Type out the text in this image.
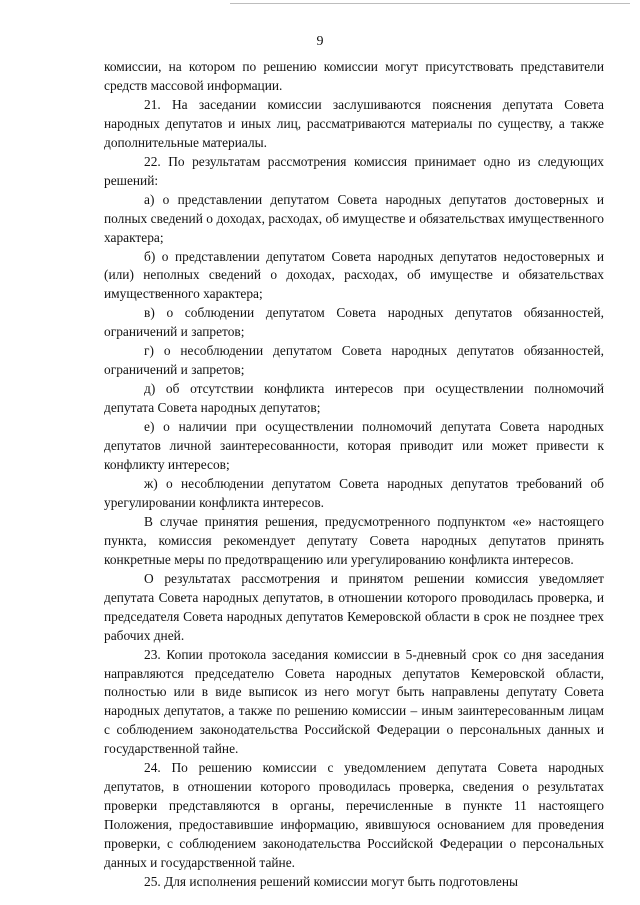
9

комиссии, на котором по решению комиссии могут присутствовать представители средств массовой информации.

21. На заседании комиссии заслушиваются пояснения депутата Совета народных депутатов и иных лиц, рассматриваются материалы по существу, а также дополнительные материалы.

22. По результатам рассмотрения комиссия принимает одно из следующих решений:

а) о представлении депутатом Совета народных депутатов достоверных и полных сведений о доходах, расходах, об имуществе и обязательствах имущественного характера;

б) о представлении депутатом Совета народных депутатов недостоверных и (или) неполных сведений о доходах, расходах, об имуществе и обязательствах имущественного характера;

в) о соблюдении депутатом Совета народных депутатов обязанностей, ограничений и запретов;

г) о несоблюдении депутатом Совета народных депутатов обязанностей, ограничений и запретов;

д) об отсутствии конфликта интересов при осуществлении полномочий депутата Совета народных депутатов;

е) о наличии при осуществлении полномочий депутата Совета народных депутатов личной заинтересованности, которая приводит или может привести к конфликту интересов;

ж) о несоблюдении депутатом Совета народных депутатов требований об урегулировании конфликта интересов.

В случае принятия решения, предусмотренного подпунктом «е» настоящего пункта, комиссия рекомендует депутату Совета народных депутатов принять конкретные меры по предотвращению или урегулированию конфликта интересов.

О результатах рассмотрения и принятом решении комиссия уведомляет депутата Совета народных депутатов, в отношении которого проводилась проверка, и председателя Совета народных депутатов Кемеровской области в срок не позднее трех рабочих дней.

23. Копии протокола заседания комиссии в 5-дневный срок со дня заседания направляются председателю Совета народных депутатов Кемеровской области, полностью или в виде выписок из него могут быть направлены депутату Совета народных депутатов, а также по решению комиссии – иным заинтересованным лицам с соблюдением законодательства Российской Федерации о персональных данных и государственной тайне.

24. По решению комиссии с уведомлением депутата Совета народных депутатов, в отношении которого проводилась проверка, сведения о результатах проверки представляются в органы, перечисленные в пункте 11 настоящего Положения, предоставившие информацию, явившуюся основанием для проведения проверки, с соблюдением законодательства Российской Федерации о персональных данных и государственной тайне.

25. Для исполнения решений комиссии могут быть подготовлены
